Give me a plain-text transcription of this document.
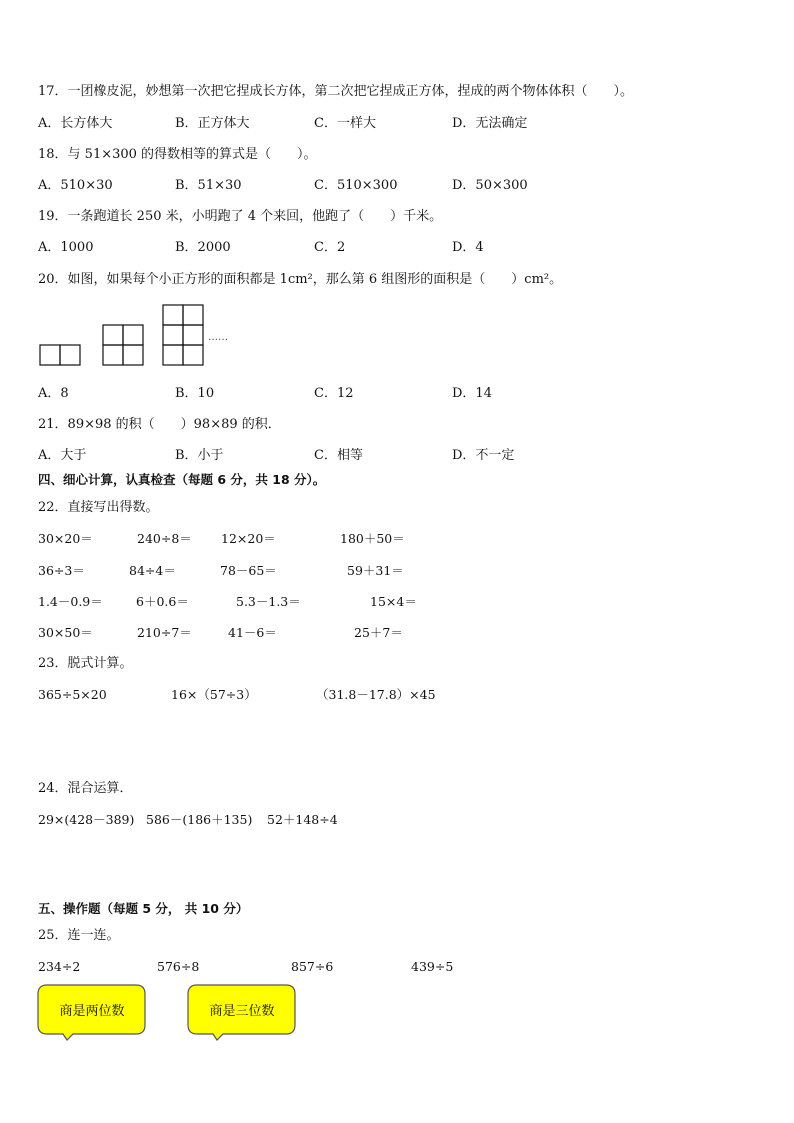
17．一团橡皮泥，妙想第一次把它捏成长方体，第二次把它捏成正方体，捏成的两个物体体积（　　）。
A．长方体大	B．正方体大	C．一样大	D．无法确定
18．与 51×300 的得数相等的算式是（　　）。
A．510×30	B．51×30	C．510×300	D．50×300
19．一条跑道长 250 米，小明跑了 4 个来回，他跑了（　　）千米。
A．1000	B．2000	C．2	D．4
20．如图，如果每个小正方形的面积都是 1cm²，那么第 6 组图形的面积是（　　）cm²。
……
A．8	B．10	C．12	D．14
21．89×98 的积（　　）98×89 的积．
A．大于	B．小于	C．相等	D．不一定
四、细心计算，认真检查（每题 6 分，共 18 分）。
22．直接写出得数。
30×20＝	240÷8＝ 12×20＝	180＋50＝
36÷3＝	84÷4＝	78－65＝	59＋31＝
1.4－0.9＝	6＋0.6＝	5.3－1.3＝	15×4＝
30×50＝	210÷7＝	41－6＝	25＋7＝
23．脱式计算。
365÷5×20	16×（57÷3）	（31.8－17.8）×45
24．混合运算．
29×(428－389) 586－(186＋135) 52＋148÷4
五、操作题（每题 5 分， 共 10 分）
25．连一连。
234÷2	576÷8	857÷6	439÷5
商是两位数	商是三位数
